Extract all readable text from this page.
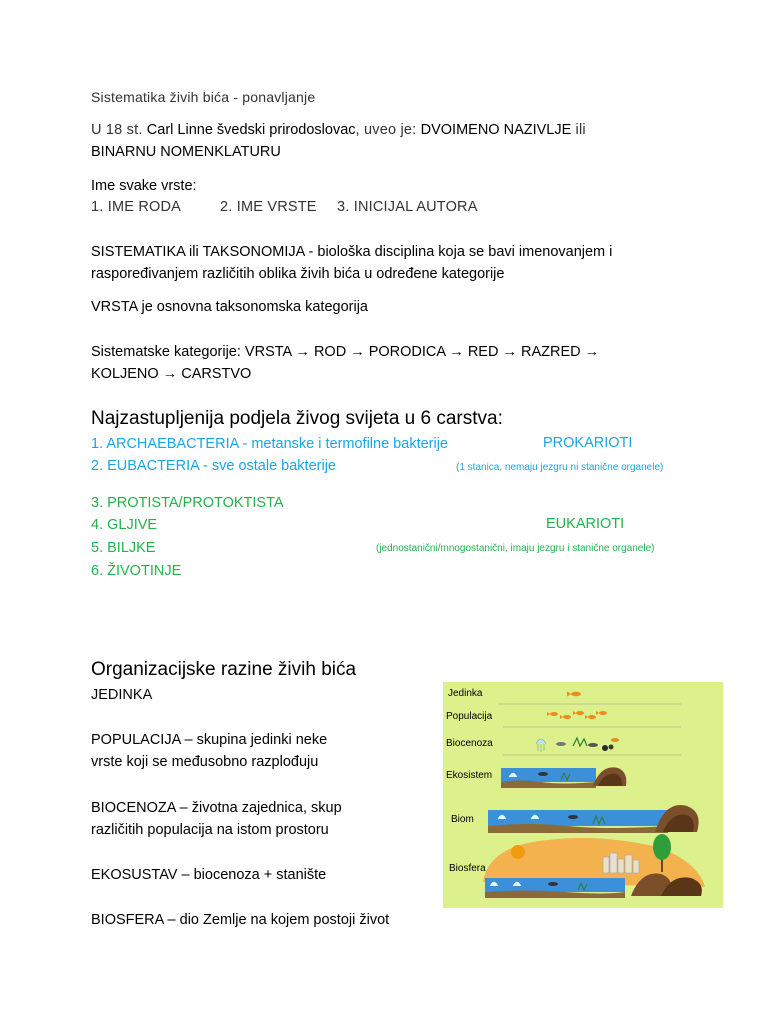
Sistematika živih bića - ponavljanje
U 18 st. Carl Linne švedski prirodoslovac, uveo je: DVOIMENO NAZIVLJE ili
BINARNU NOMENKLATURU
Ime svake vrste:
1. IME RODA	2. IME VRSTE 3. INICIJAL AUTORA
SISTEMATIKA ili TAKSONOMIJA - biološka disciplina koja se bavi imenovanjem i
raspoređivanjem različitih oblika živih bića u određene kategorije
VRSTA je osnovna taksonomska kategorija
Sistematske kategorije: VRSTA → ROD → PORODICA → RED → RAZRED →
KOLJENO → CARSTVO
Najzastupljenija podjela živog svijeta u 6 carstva:
1. ARCHAEBACTERIA - metanske i termofilne bakterije
2. EUBACTERIA - sve ostale bakterije
PROKARIOTI
(1 stanica, nemaju jezgru ni stanične organele)
3. PROTISTA/PROTOKTISTA
4. GLJIVE
5. BILJKE
6. ŽIVOTINJE
EUKARIOTI
(jednostanični/mnogostanični, imaju jezgru i stanične organele)
Organizacijske razine živih bića
JEDINKA
POPULACIJA – skupina jedinki neke
vrste koji se međusobno razplođuju
BIOCENOZA – životna zajednica, skup
različitih populacija na istom prostoru
EKOSUSTAV – biocenoza + stanište
BIOSFERA – dio Zemlje na kojem postoji život
Jedinka
Populacija
Biocenoza
Ekosistem
Biom
Biosfera
